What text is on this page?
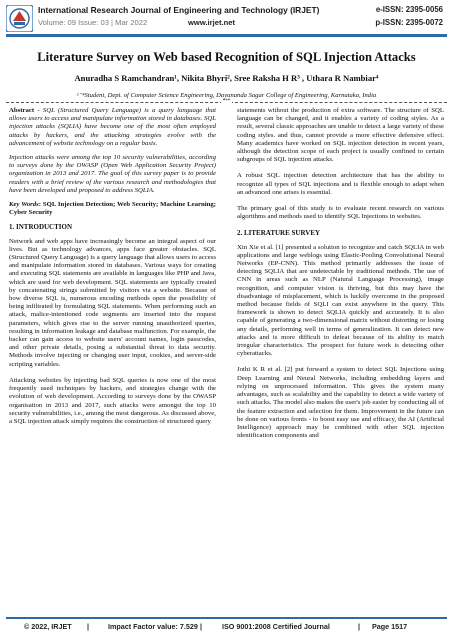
International Research Journal of Engineering and Technology (IRJET)
Volume: 09 Issue: 03 | Mar 2022	www.irjet.net
e-ISSN: 2395-0056
p-ISSN: 2395-0072
Literature Survey on Web based Recognition of SQL Injection Attacks
Anuradha S Ramchandran¹, Nikita Bhyri², Sree Raksha H R³ , Uthara R Nambiar⁴
¹⁻⁴Student, Dept. of Computer Science Engineering, Dayananda Sagar College of Engineering, Karnataka, India
***

Abstract - SQL (Structured Query Language) is a query language that allows users to access and manipulate information stored in databases. SQL injection attacks (SQLIA) have become one of the most often employed attacks by hackers, and the attacking strategies evolve with the advancement of website technology on a regular basis.

Injection attacks were among the top 10 security vulnerabilities, according to surveys done by the OWASP (Open Web Application Security Project) organization in 2013 and 2017. The goal of this survey paper is to provide readers with a brief review of the various research and methodologies that have been developed and proposed to address SQLIA.

Key Words: SQL Injection Detection; Web Security; Machine Learning; Cyber Security

1. INTRODUCTION

Network and web apps have increasingly become an integral aspect of our lives. But as technology advances, apps face greater obstacles. SQL (Structured Query Language) is a query language that allows users to access and manipulate information stored in databases. Various ways for creating and executing SQL statements are available in languages like PHP and Java, which are used for web development. SQL statements are typically created by concatenating strings submitted by visitors via a website. Because of how diverse SQL is, numerous encoding methods open the possibility of being infiltrated by formulating SQL statements. When performing such an attack, malice-intentioned code segments are inserted into the request parameters, which gives rise to the server running unauthorized queries, resulting in information leakage and database malfunction. For example, the backer can gain access to website users' account names, login passcodes, and other private details, posing a substantial threat to data security. Methods involve injecting or changing user input, cookies, and server-side scripting variables.

Attacking websites by injecting bad SQL queries is now one of the most frequently used techniques by hackers, and strategies change with the evolution of web development. According to surveys done by the OWASP organisation in 2013 and 2017, such attacks were amongst the top 10 security vulnerabilities, i.e., among the most dangerous. As discussed above, a SQL injection attack simply requires the construction of structured query

statements without the production of extra software. The structure of SQL language can be changed, and it enables a variety of coding styles. As a result, several classic approaches are unable to detect a large variety of these coding styles. and thus, cannot provide a more effective defensive effect. Many academics have worked on SQL injection detection in recent years, although the detection scope of each project is usually confined to certain subgroups of SQL injection attacks.

A robust SQL injection detection architecture that has the ability to recognize all types of SQL injections and is flexible enough to adapt when an advanced one arises is essential.

The primary goal of this study is to evaluate recent research on various algorithms and methods used to identify SQL Injections in websites.

2. LITERATURE SURVEY

Xin Xie et al. [1] presented a solution to recognize and catch SQLIA in web applications and large weblogs using Elastic-Pooling Convolutional Neural Networks (EP-CNN). This method primarily addresses the issue of detecting SQLIA that are undetectable by traditional methods. The use of CNN in areas such as NLP (Natural Language Processing), image recognition, and computer vision is thriving, but this may have the disadvantage of misplacement, which is luckily overcome in the proposed method because fields of SQLI can exist anywhere in the query. This framework is shown to detect SQLIA quickly and accurately. It is also capable of generating a two-dimensional matrix without distorting or losing any details, performing well in terms of generalization. It can detect new attacks and is more difficult to defeat because of its ability to match irregular characteristics. The prospect for future work is detecting other cyberattacks.

Jothi K R et al. [2] put forward a system to detect SQL Injections using Deep Learning and Neural Networks, including embedding layers and relying on unprocessed information. This gives the system many advantages, such as scalability and the capability to detect a wide variety of such attacks. The model also makes the user's job easier by conducting all of the feature extraction and selection for them. Improvement in the future can be done on various fronts - to boost easy use and efficacy, the AI (Artificial Intelligence) approach may be combined with other SQL injection identification components and

© 2022, IRJET |	Impact Factor value: 7.529 |	ISO 9001:2008 Certified Journal	| Page 1517
